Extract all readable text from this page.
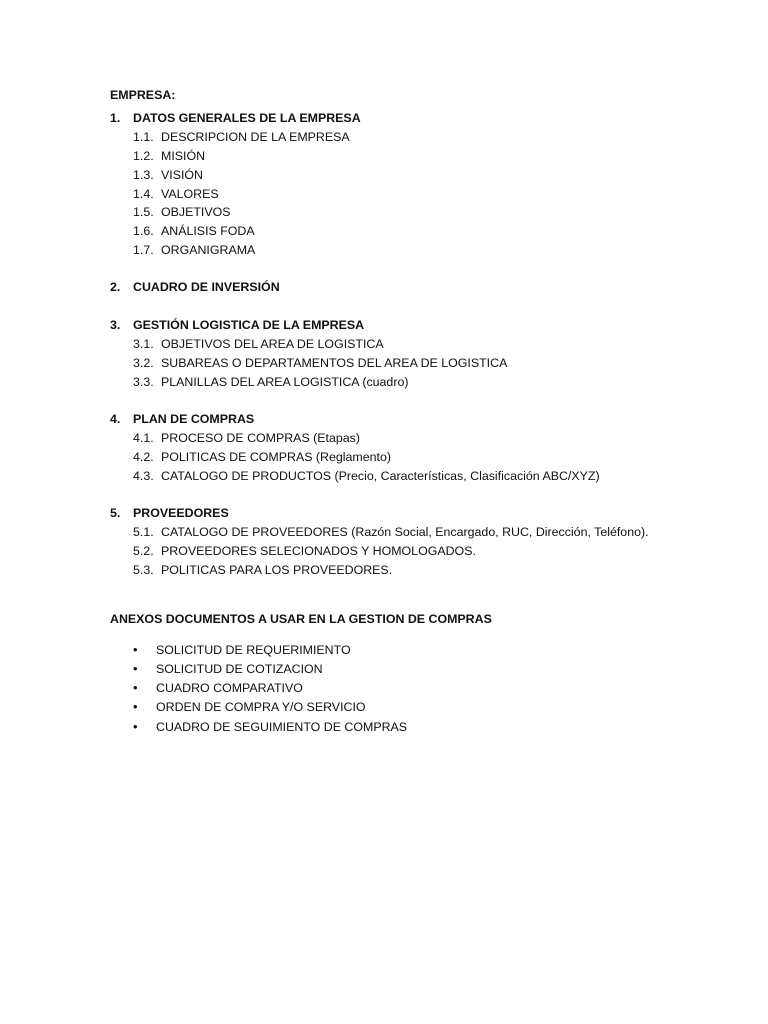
EMPRESA:
1. DATOS GENERALES DE LA EMPRESA
1.1. DESCRIPCION DE LA EMPRESA
1.2. MISIÓN
1.3. VISIÓN
1.4. VALORES
1.5. OBJETIVOS
1.6. ANÁLISIS FODA
1.7. ORGANIGRAMA
2. CUADRO DE INVERSIÓN
3. GESTIÓN LOGISTICA DE LA EMPRESA
3.1. OBJETIVOS DEL AREA DE LOGISTICA
3.2. SUBAREAS O DEPARTAMENTOS DEL AREA DE LOGISTICA
3.3. PLANILLAS DEL AREA LOGISTICA (cuadro)
4. PLAN DE COMPRAS
4.1. PROCESO DE COMPRAS (Etapas)
4.2. POLITICAS DE COMPRAS (Reglamento)
4.3. CATALOGO DE PRODUCTOS (Precio, Características, Clasificación ABC/XYZ)
5. PROVEEDORES
5.1. CATALOGO DE PROVEEDORES (Razón Social, Encargado, RUC, Dirección, Teléfono).
5.2. PROVEEDORES SELECIONADOS Y HOMOLOGADOS.
5.3. POLITICAS PARA LOS PROVEEDORES.
ANEXOS DOCUMENTOS A USAR EN LA GESTION DE COMPRAS
• SOLICITUD DE REQUERIMIENTO
• SOLICITUD DE COTIZACION
• CUADRO COMPARATIVO
• ORDEN DE COMPRA Y/O SERVICIO
• CUADRO DE SEGUIMIENTO DE COMPRAS
